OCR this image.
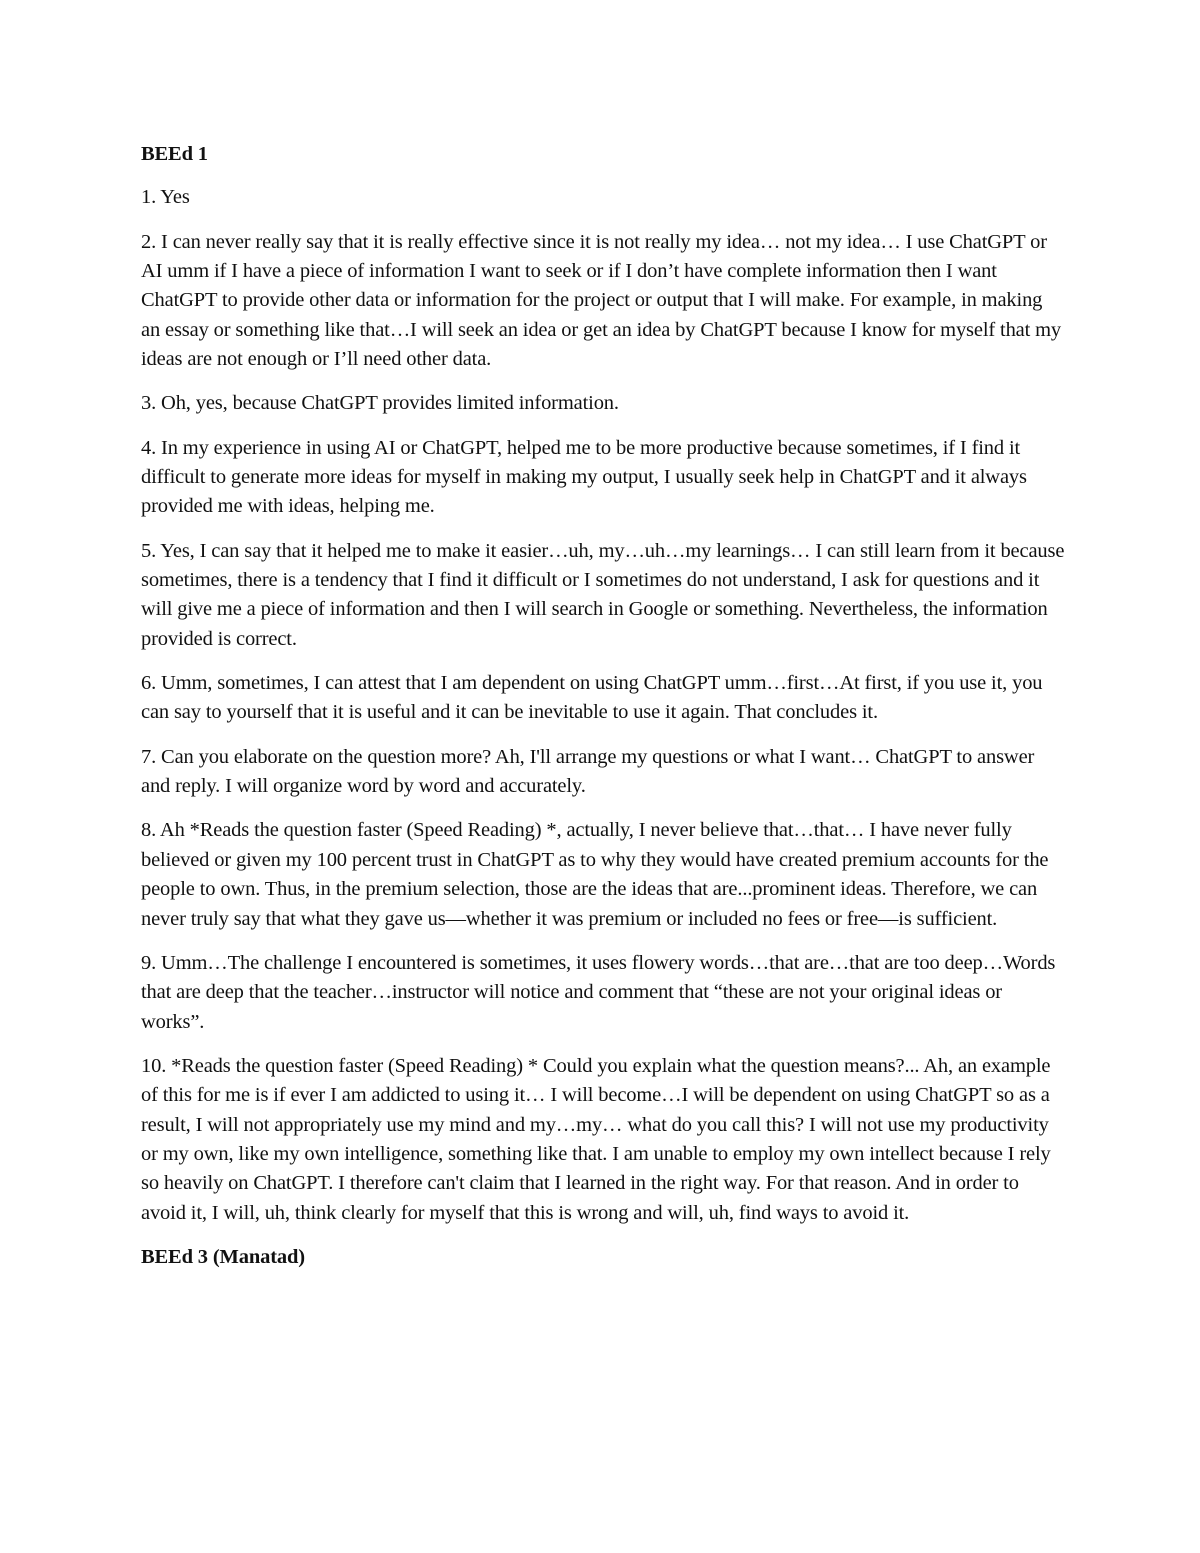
BEEd 1
1. Yes
2. I can never really say that it is really effective since it is not really my idea… not my idea… I use ChatGPT or AI umm if I have a piece of information I want to seek or if I don’t have complete information then I want ChatGPT to provide other data or information for the project or output that I will make. For example, in making an essay or something like that…I will seek an idea or get an idea by ChatGPT because I know for myself that my ideas are not enough or I’ll need other data.
3. Oh, yes, because ChatGPT provides limited information.
4. In my experience in using AI or ChatGPT, helped me to be more productive because sometimes, if I find it difficult to generate more ideas for myself in making my output, I usually seek help in ChatGPT and it always provided me with ideas, helping me.
5. Yes, I can say that it helped me to make it easier…uh, my…uh…my learnings… I can still learn from it because sometimes, there is a tendency that I find it difficult or I sometimes do not understand, I ask for questions and it will give me a piece of information and then I will search in Google or something. Nevertheless, the information provided is correct.
6. Umm, sometimes, I can attest that I am dependent on using ChatGPT umm…first…At first, if you use it, you can say to yourself that it is useful and it can be inevitable to use it again. That concludes it.
7. Can you elaborate on the question more? Ah, I'll arrange my questions or what I want… ChatGPT to answer and reply. I will organize word by word and accurately.
8. Ah *Reads the question faster (Speed Reading) *, actually, I never believe that…that… I have never fully believed or given my 100 percent trust in ChatGPT as to why they would have created premium accounts for the people to own. Thus, in the premium selection, those are the ideas that are...prominent ideas. Therefore, we can never truly say that what they gave us—whether it was premium or included no fees or free—is sufficient.
9. Umm…The challenge I encountered is sometimes, it uses flowery words…that are…that are too deep…Words that are deep that the teacher…instructor will notice and comment that “these are not your original ideas or works”.
10. *Reads the question faster (Speed Reading) * Could you explain what the question means?... Ah, an example of this for me is if ever I am addicted to using it… I will become…I will be dependent on using ChatGPT so as a result, I will not appropriately use my mind and my…my… what do you call this? I will not use my productivity or my own, like my own intelligence, something like that. I am unable to employ my own intellect because I rely so heavily on ChatGPT. I therefore can't claim that I learned in the right way. For that reason. And in order to avoid it, I will, uh, think clearly for myself that this is wrong and will, uh, find ways to avoid it.
BEEd 3 (Manatad)
